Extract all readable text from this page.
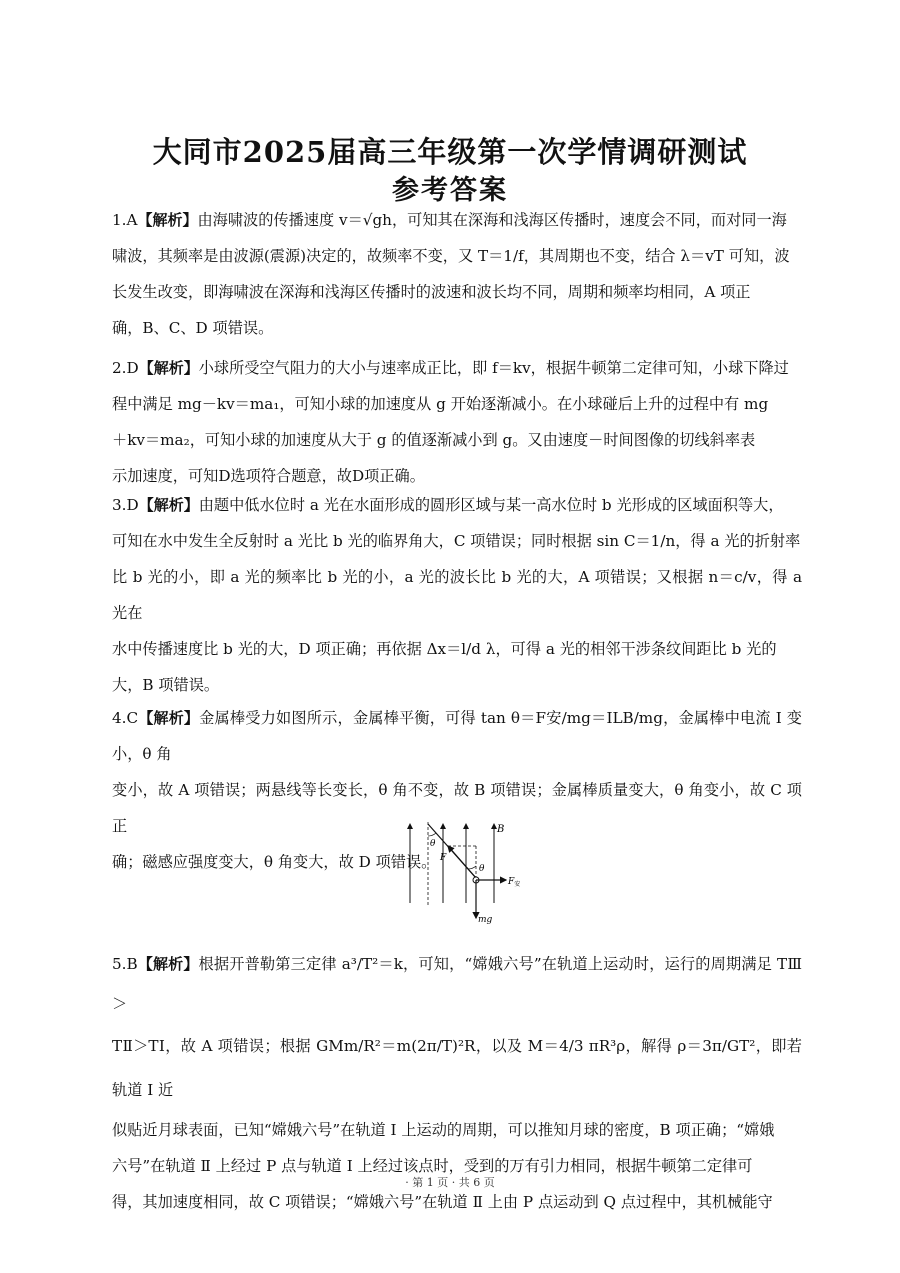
大同市2025届高三年级第一次学情调研测试
参考答案
1.A【解析】由海啸波的传播速度 v＝√gh，可知其在深海和浅海区传播时，速度会不同，而对同一海
啸波，其频率是由波源(震源)决定的，故频率不变，又 T＝1/f，其周期也不变，结合 λ＝vT 可知，波
长发生改变，即海啸波在深海和浅海区传播时的波速和波长均不同，周期和频率均相同，A 项正
确，B、C、D 项错误。
2.D【解析】小球所受空气阻力的大小与速率成正比，即 f＝kv，根据牛顿第二定律可知，小球下降过
程中满足 mg－kv＝ma₁，可知小球的加速度从 g 开始逐渐减小。在小球碰后上升的过程中有 mg
＋kv＝ma₂，可知小球的加速度从大于 g 的值逐渐减小到 g。又由速度－时间图像的切线斜率表
示加速度，可知D选项符合题意，故D项正确。
3.D【解析】由题中低水位时 a 光在水面形成的圆形区域与某一高水位时 b 光形成的区域面积等大，
可知在水中发生全反射时 a 光比 b 光的临界角大，C 项错误；同时根据 sin C＝1/n，得 a 光的折射率
比 b 光的小，即 a 光的频率比 b 光的小，a 光的波长比 b 光的大，A 项错误；又根据 n＝c/v，得 a 光在
水中传播速度比 b 光的大，D 项正确；再依据 Δx＝l/d λ，可得 a 光的相邻干涉条纹间距比 b 光的
大，B 项错误。
4.C【解析】金属棒受力如图所示，金属棒平衡，可得 tan θ＝F安/mg＝ILB/mg，金属棒中电流 I 变小，θ 角
变小，故 A 项错误；两悬线等长变长，θ 角不变，故 B 项错误；金属棒质量变大，θ 角变小，故 C 项正
确；磁感应强度变大，θ 角变大，故 D 项错误。
B
θ
θ
F
$F_安$
mg
5.B【解析】根据开普勒第三定律 a³/T²＝k，可知，“嫦娥六号”在轨道上运动时，运行的周期满足 TⅢ＞
TⅡ＞TⅠ，故 A 项错误；根据 GMm/R²＝m(2π/T)²R，以及 M＝4/3 πR³ρ，解得 ρ＝3π/GT²，即若轨道 Ⅰ 近
似贴近月球表面，已知“嫦娥六号”在轨道 Ⅰ 上运动的周期，可以推知月球的密度，B 项正确；“嫦娥
六号”在轨道 Ⅱ 上经过 P 点与轨道 Ⅰ 上经过该点时，受到的万有引力相同，根据牛顿第二定律可
得，其加速度相同，故 C 项错误；“嫦娥六号”在轨道 Ⅱ 上由 P 点运动到 Q 点过程中，其机械能守
· 第 1 页 · 共 6 页
